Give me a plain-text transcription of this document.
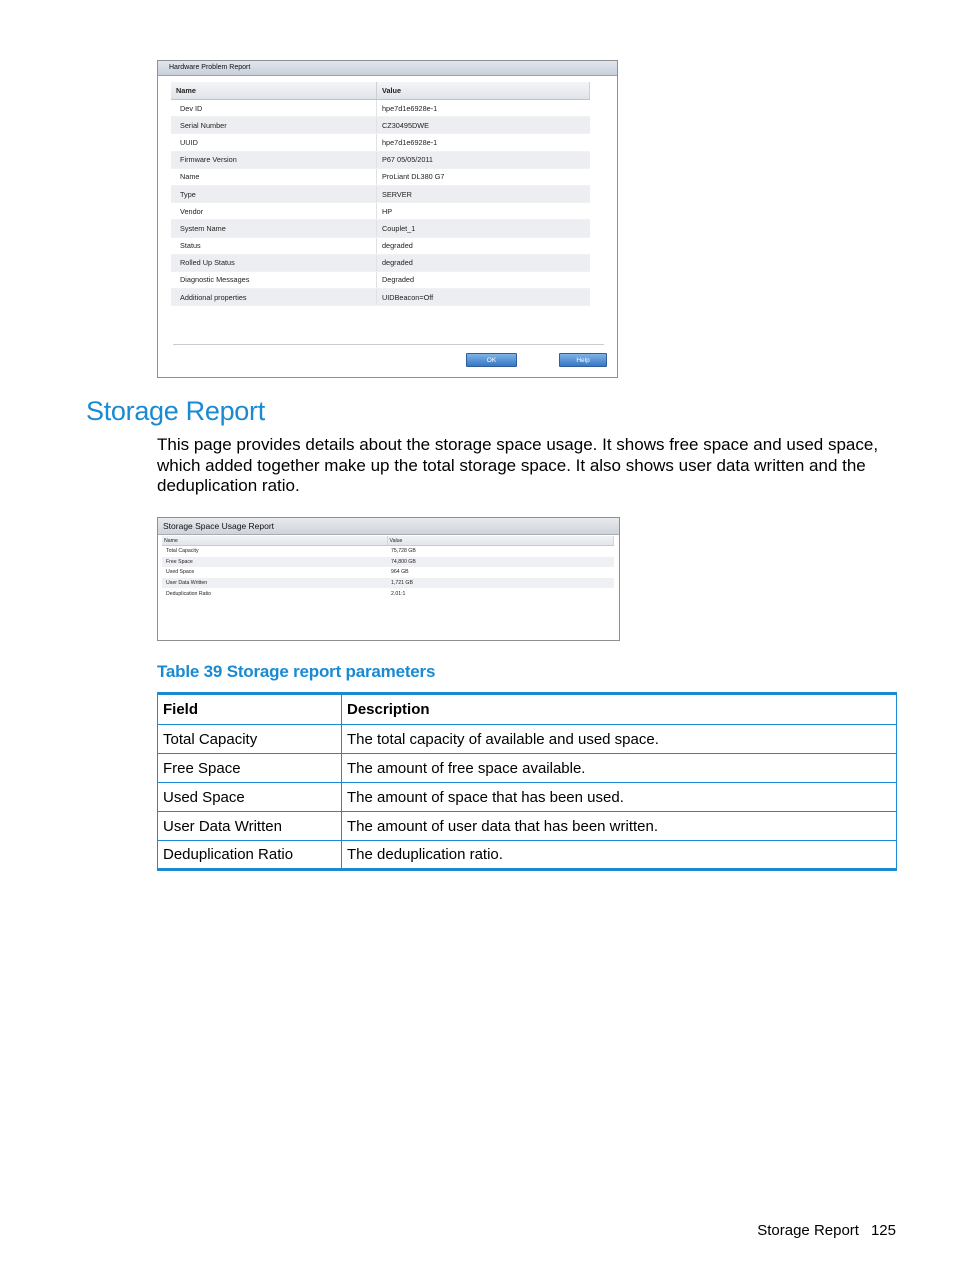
Hardware Problem Report
Name	Value
Dev ID	hpe7d1e6928e-1
Serial Number	CZ30495DWE
UUID	hpe7d1e6928e-1
Firmware Version	P67 05/05/2011
Name	ProLiant DL380 G7
Type	SERVER
Vendor	HP
System Name	Couplet_1
Status	degraded
Rolled Up Status	degraded
Diagnostic Messages	Degraded
Additional properties	UIDBeacon=Off
OK	Help
Storage Report

This page provides details about the storage space usage. It shows free space and used space, which added together make up the total storage space. It also shows user data written and the deduplication ratio.

Storage Space Usage Report
Name	Value
Total Capacity	75,728 GB
Free Space	74,800 GB
Used Space	964 GB
User Data Written	1,721 GB
Deduplication Ratio	2.01:1
Table 39 Storage report parameters
Field	Description
Total Capacity	The total capacity of available and used space.
Free Space	The amount of free space available.
Used Space	The amount of space that has been used.
User Data Written	The amount of user data that has been written.
Deduplication Ratio	The deduplication ratio.
Storage Report 125
